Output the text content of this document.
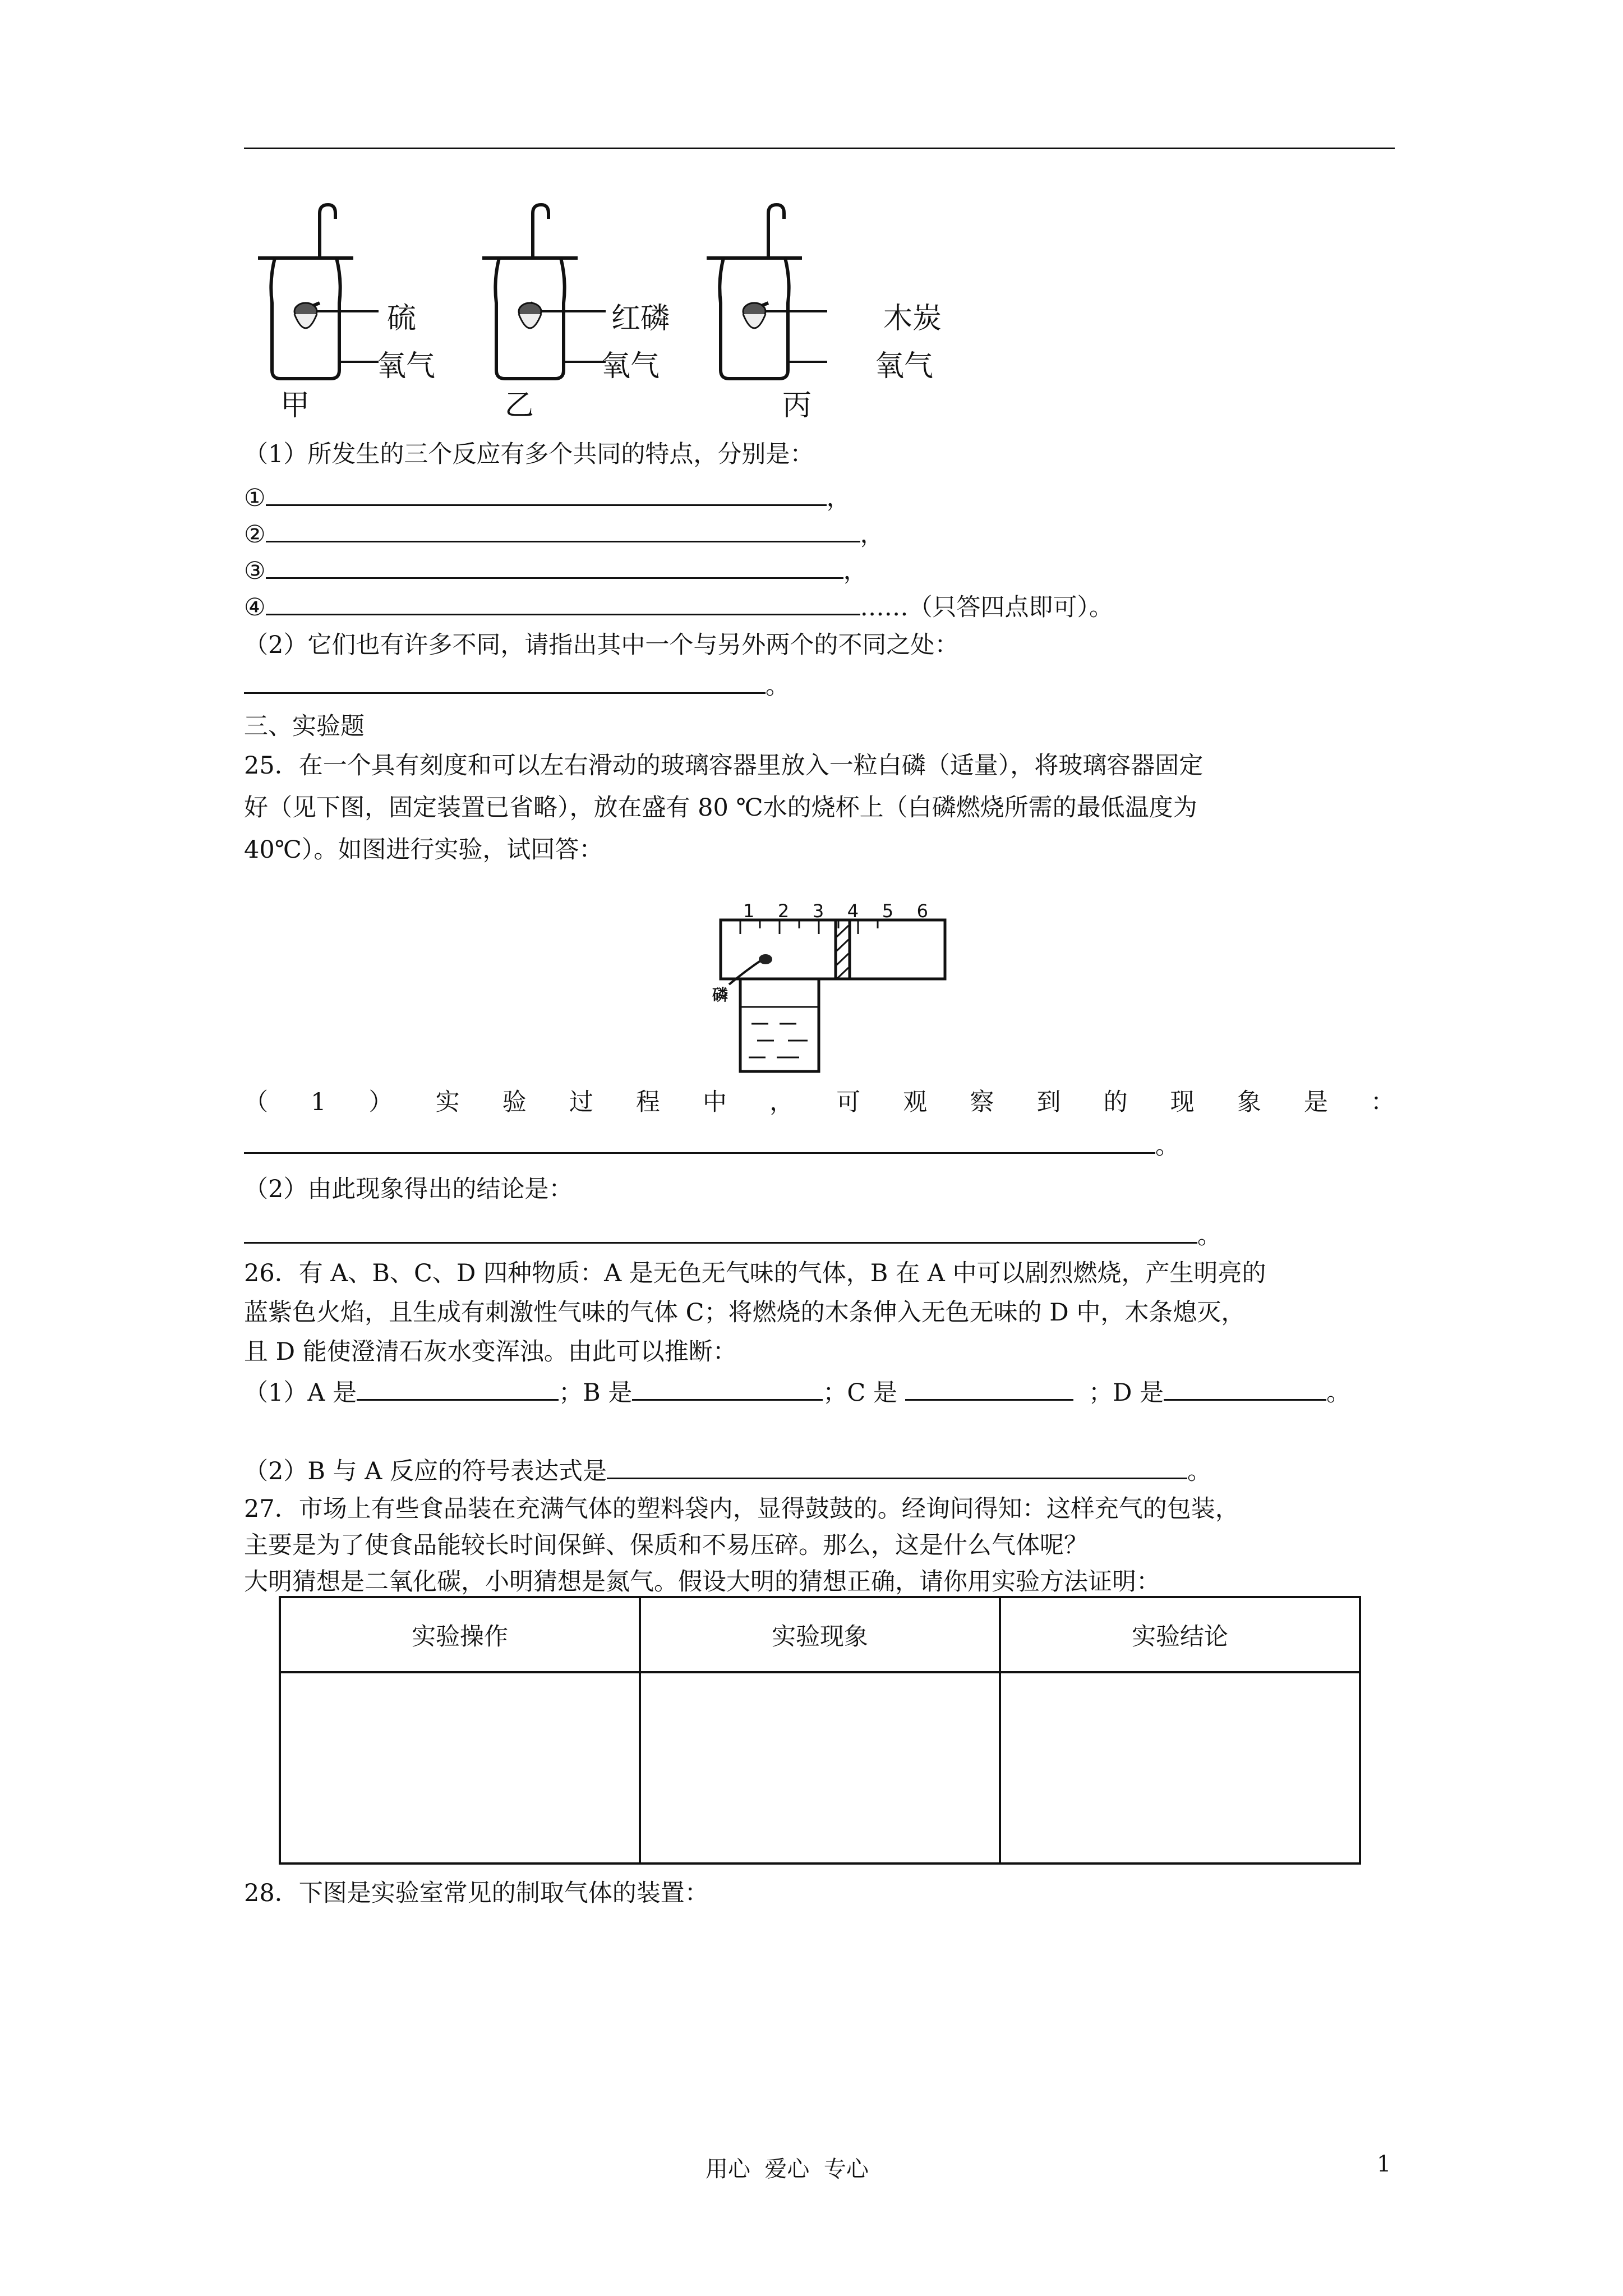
硫
氧气
甲
红磷
氧气
乙
木炭
氧气
丙
（1）所发生的三个反应有多个共同的特点，分别是：
①	，
②	，
③	，
④	……（只答四点即可）。
（2）它们也有许多不同，请指出其中一个与另外两个的不同之处：
。
三、实验题
25．在一个具有刻度和可以左右滑动的玻璃容器里放入一粒白磷（适量），将玻璃容器固定
好（见下图，固定装置已省略），放在盛有 80 ℃水的烧杯上（白磷燃烧所需的最低温度为
40℃）。如图进行实验，试回答：
1 2 3 4 5 6
磷
（ 1 ） 实 验 过 程 中 ， 可 观 察 到 的 现 象 是 ：
。
（2）由此现象得出的结论是：
。
26．有 A、B、C、D 四种物质：A 是无色无气味的气体，B 在 A 中可以剧烈燃烧，产生明亮的
蓝紫色火焰，且生成有刺激性气味的气体 C；将燃烧的木条伸入无色无味的 D 中，木条熄灭，
且 D 能使澄清石灰水变浑浊。由此可以推断：
（1）A 是	；B 是	；C 是	；D 是	。
（2）B 与 A 反应的符号表达式是	。
27．市场上有些食品装在充满气体的塑料袋内，显得鼓鼓的。经询问得知：这样充气的包装，
主要是为了使食品能较长时间保鲜、保质和不易压碎。那么，这是什么气体呢？
大明猜想是二氧化碳，小明猜想是氮气。假设大明的猜想正确，请你用实验方法证明：
实验操作	实验现象	实验结论

28．下图是实验室常见的制取气体的装置：
用心  爱心  专心	1
